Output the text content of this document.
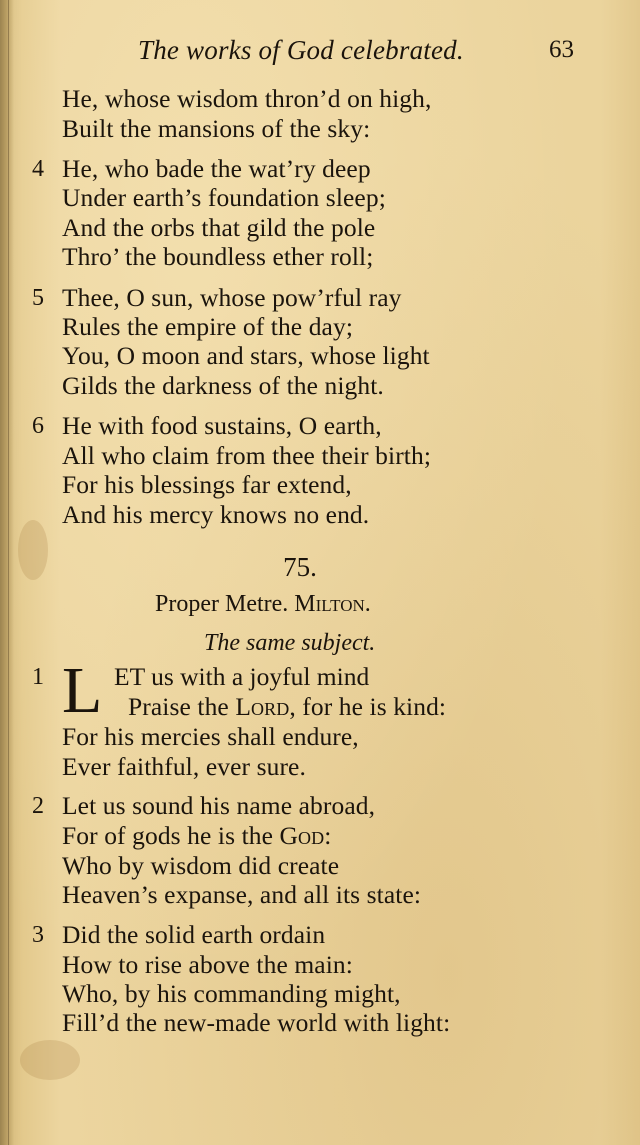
The works of God celebrated.	63
He, whose wisdom thron’d on high,
Built the mansions of the sky:
4 He, who bade the wat’ry deep
Under earth’s foundation sleep;
And the orbs that gild the pole
Thro’ the boundless ether roll;
5 Thee, O sun, whose pow’rful ray
Rules the empire of the day;
You, O moon and stars, whose light
Gilds the darkness of the night.
6 He with food sustains, O earth,
All who claim from thee their birth;
For his blessings far extend,
And his mercy knows no end.
75.
Proper Metre. Milton.
The same subject.
1 L ET us with a joyful mind
Praise the Lord, for he is kind:
For his mercies shall endure,
Ever faithful, ever sure.
2 Let us sound his name abroad,
For of gods he is the God:
Who by wisdom did create
Heaven’s expanse, and all its state:
3 Did the solid earth ordain
How to rise above the main:
Who, by his commanding might,
Fill’d the new-made world with light:
